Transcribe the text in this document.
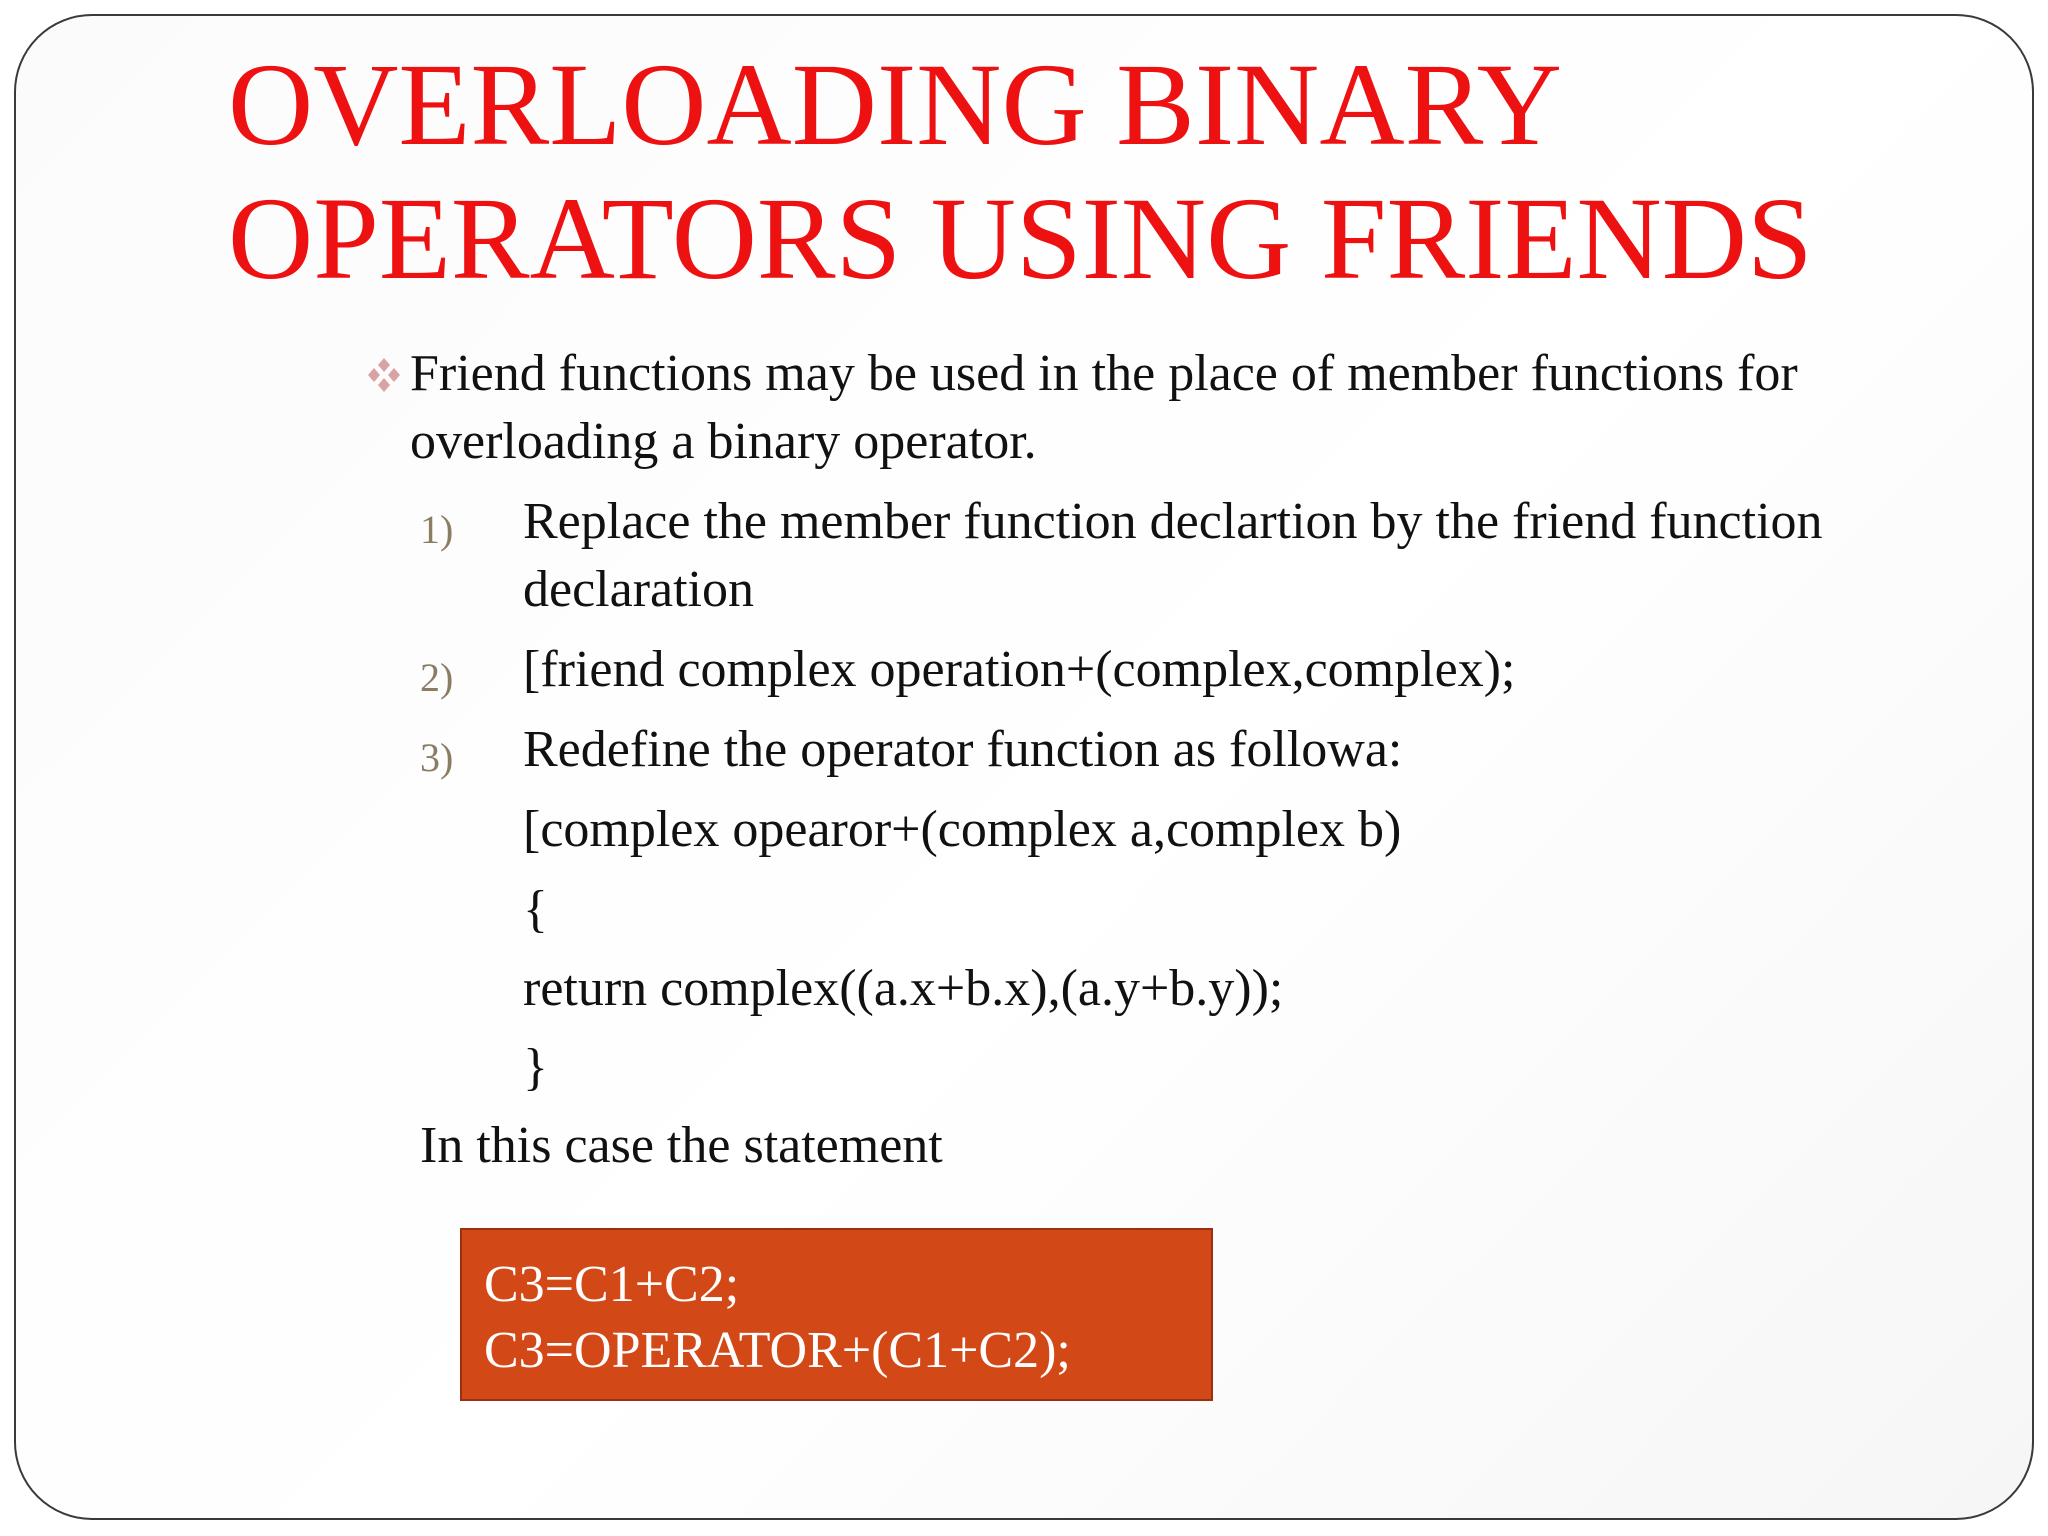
OVERLOADING BINARY
OPERATORS USING FRIENDS
Friend functions may be used in the place of member functions for overloading a binary operator.
1)	Replace the member function declartion by the friend function declaration
2)	[friend complex operation+(complex,complex);
3)	Redefine the operator function as followa:
[complex opearor+(complex a,complex b)
{
return complex((a.x+b.x),(a.y+b.y));
}
In this case the statement
C3=C1+C2;
C3=OPERATOR+(C1+C2);
